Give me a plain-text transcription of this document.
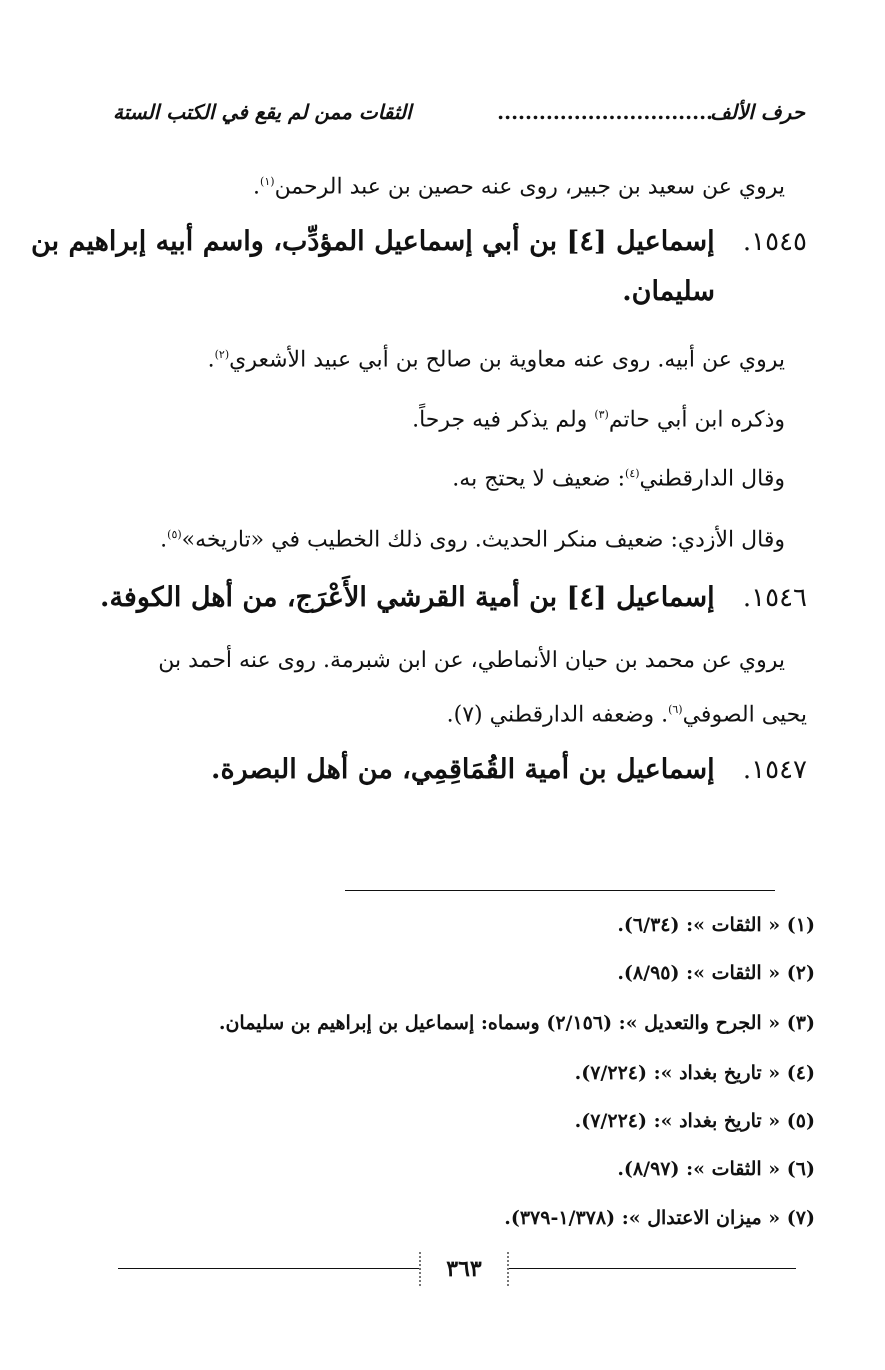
حرف الألف
...............................
الثقات ممن لم يقع في الكتب الستة
يروي عن سعيد بن جبير، روى عنه حصين بن عبد الرحمن$^{(١)}$.
١٥٤٥.   إسماعيل [٤] بن أبي إسماعيل المؤدِّب، واسم أبيه إبراهيم بن
سليمان.
يروي عن أبيه. روى عنه معاوية بن صالح بن أبي عبيد الأشعري$^{(٢)}$.
وذكره ابن أبي حاتم$^{(٣)}$ ولم يذكر فيه جرحاً.
وقال الدارقطني$^{(٤)}$: ضعيف لا يحتج به.
وقال الأزدي: ضعيف منكر الحديث. روى ذلك الخطيب في «تاريخه»$^{(٥)}$.
١٥٤٦.   إسماعيل [٤] بن أمية القرشي الأَعْرَج، من أهل الكوفة.
يروي عن محمد بن حيان الأنماطي، عن ابن شبرمة. روى عنه أحمد بن
يحيى الصوفي$^{(٦)}$. وضعفه الدارقطني (٧).
١٥٤٧.   إسماعيل بن أمية القُمَاقِمِي، من أهل البصرة.
(١) « الثقات »: (٦/٣٤).
(٢) « الثقات »: (٨/٩٥).
(٣) « الجرح والتعديل »: (٢/١٥٦) وسماه: إسماعيل بن إبراهيم بن سليمان.
(٤) « تاريخ بغداد »: (٧/٢٢٤).
(٥) « تاريخ بغداد »: (٧/٢٢٤).
(٦) « الثقات »: (٨/٩٧).
(٧) « ميزان الاعتدال »: (١/٣٧٨-٣٧٩).
٣٦٣
